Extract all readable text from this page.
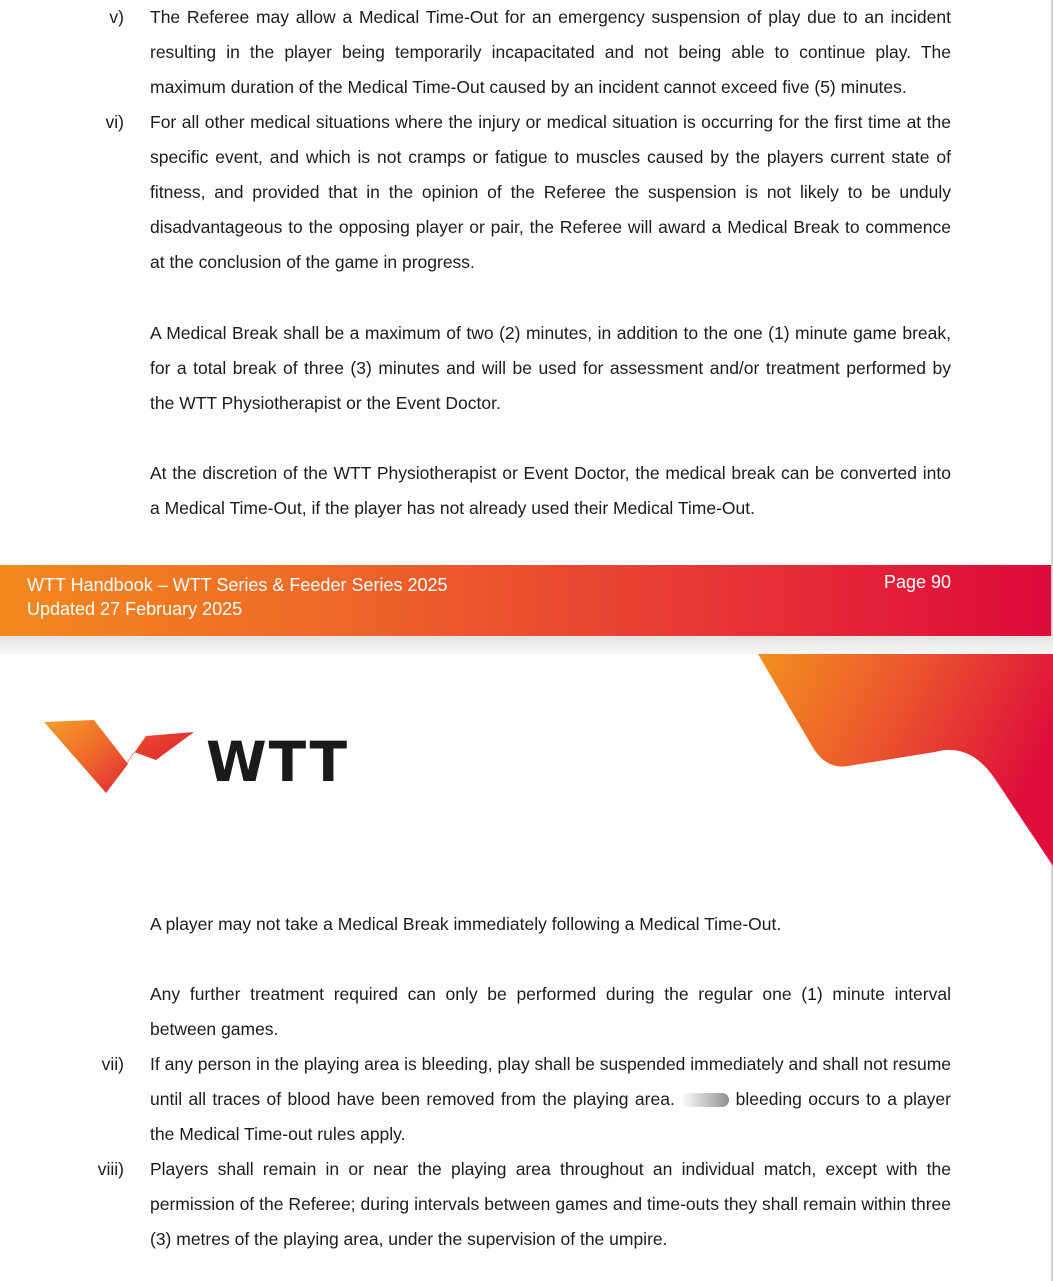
v) The Referee may allow a Medical Time-Out for an emergency suspension of play due to an incident resulting in the player being temporarily incapacitated and not being able to continue play. The maximum duration of the Medical Time-Out caused by an incident cannot exceed five (5) minutes.

vi) For all other medical situations where the injury or medical situation is occurring for the first time at the specific event, and which is not cramps or fatigue to muscles caused by the players current state of fitness, and provided that in the opinion of the Referee the suspension is not likely to be unduly disadvantageous to the opposing player or pair, the Referee will award a Medical Break to commence at the conclusion of the game in progress.

A Medical Break shall be a maximum of two (2) minutes, in addition to the one (1) minute game break, for a total break of three (3) minutes and will be used for assessment and/or treatment performed by the WTT Physiotherapist or the Event Doctor.

At the discretion of the WTT Physiotherapist or Event Doctor, the medical break can be converted into a Medical Time-Out, if the player has not already used their Medical Time-Out.

WTT Handbook – WTT Series & Feeder Series 2025
Updated 27 February 2025
Page 90
WTT

A player may not take a Medical Break immediately following a Medical Time-Out.

Any further treatment required can only be performed during the regular one (1) minute interval between games.

vii) If any person in the playing area is bleeding, play shall be suspended immediately and shall not resume until all traces of blood have been removed from the playing area.	bleeding occurs to a player the Medical Time-out rules apply.

viii) Players shall remain in or near the playing area throughout an individual match, except with the permission of the Referee; during intervals between games and time-outs they shall remain within three (3) metres of the playing area, under the supervision of the umpire.
